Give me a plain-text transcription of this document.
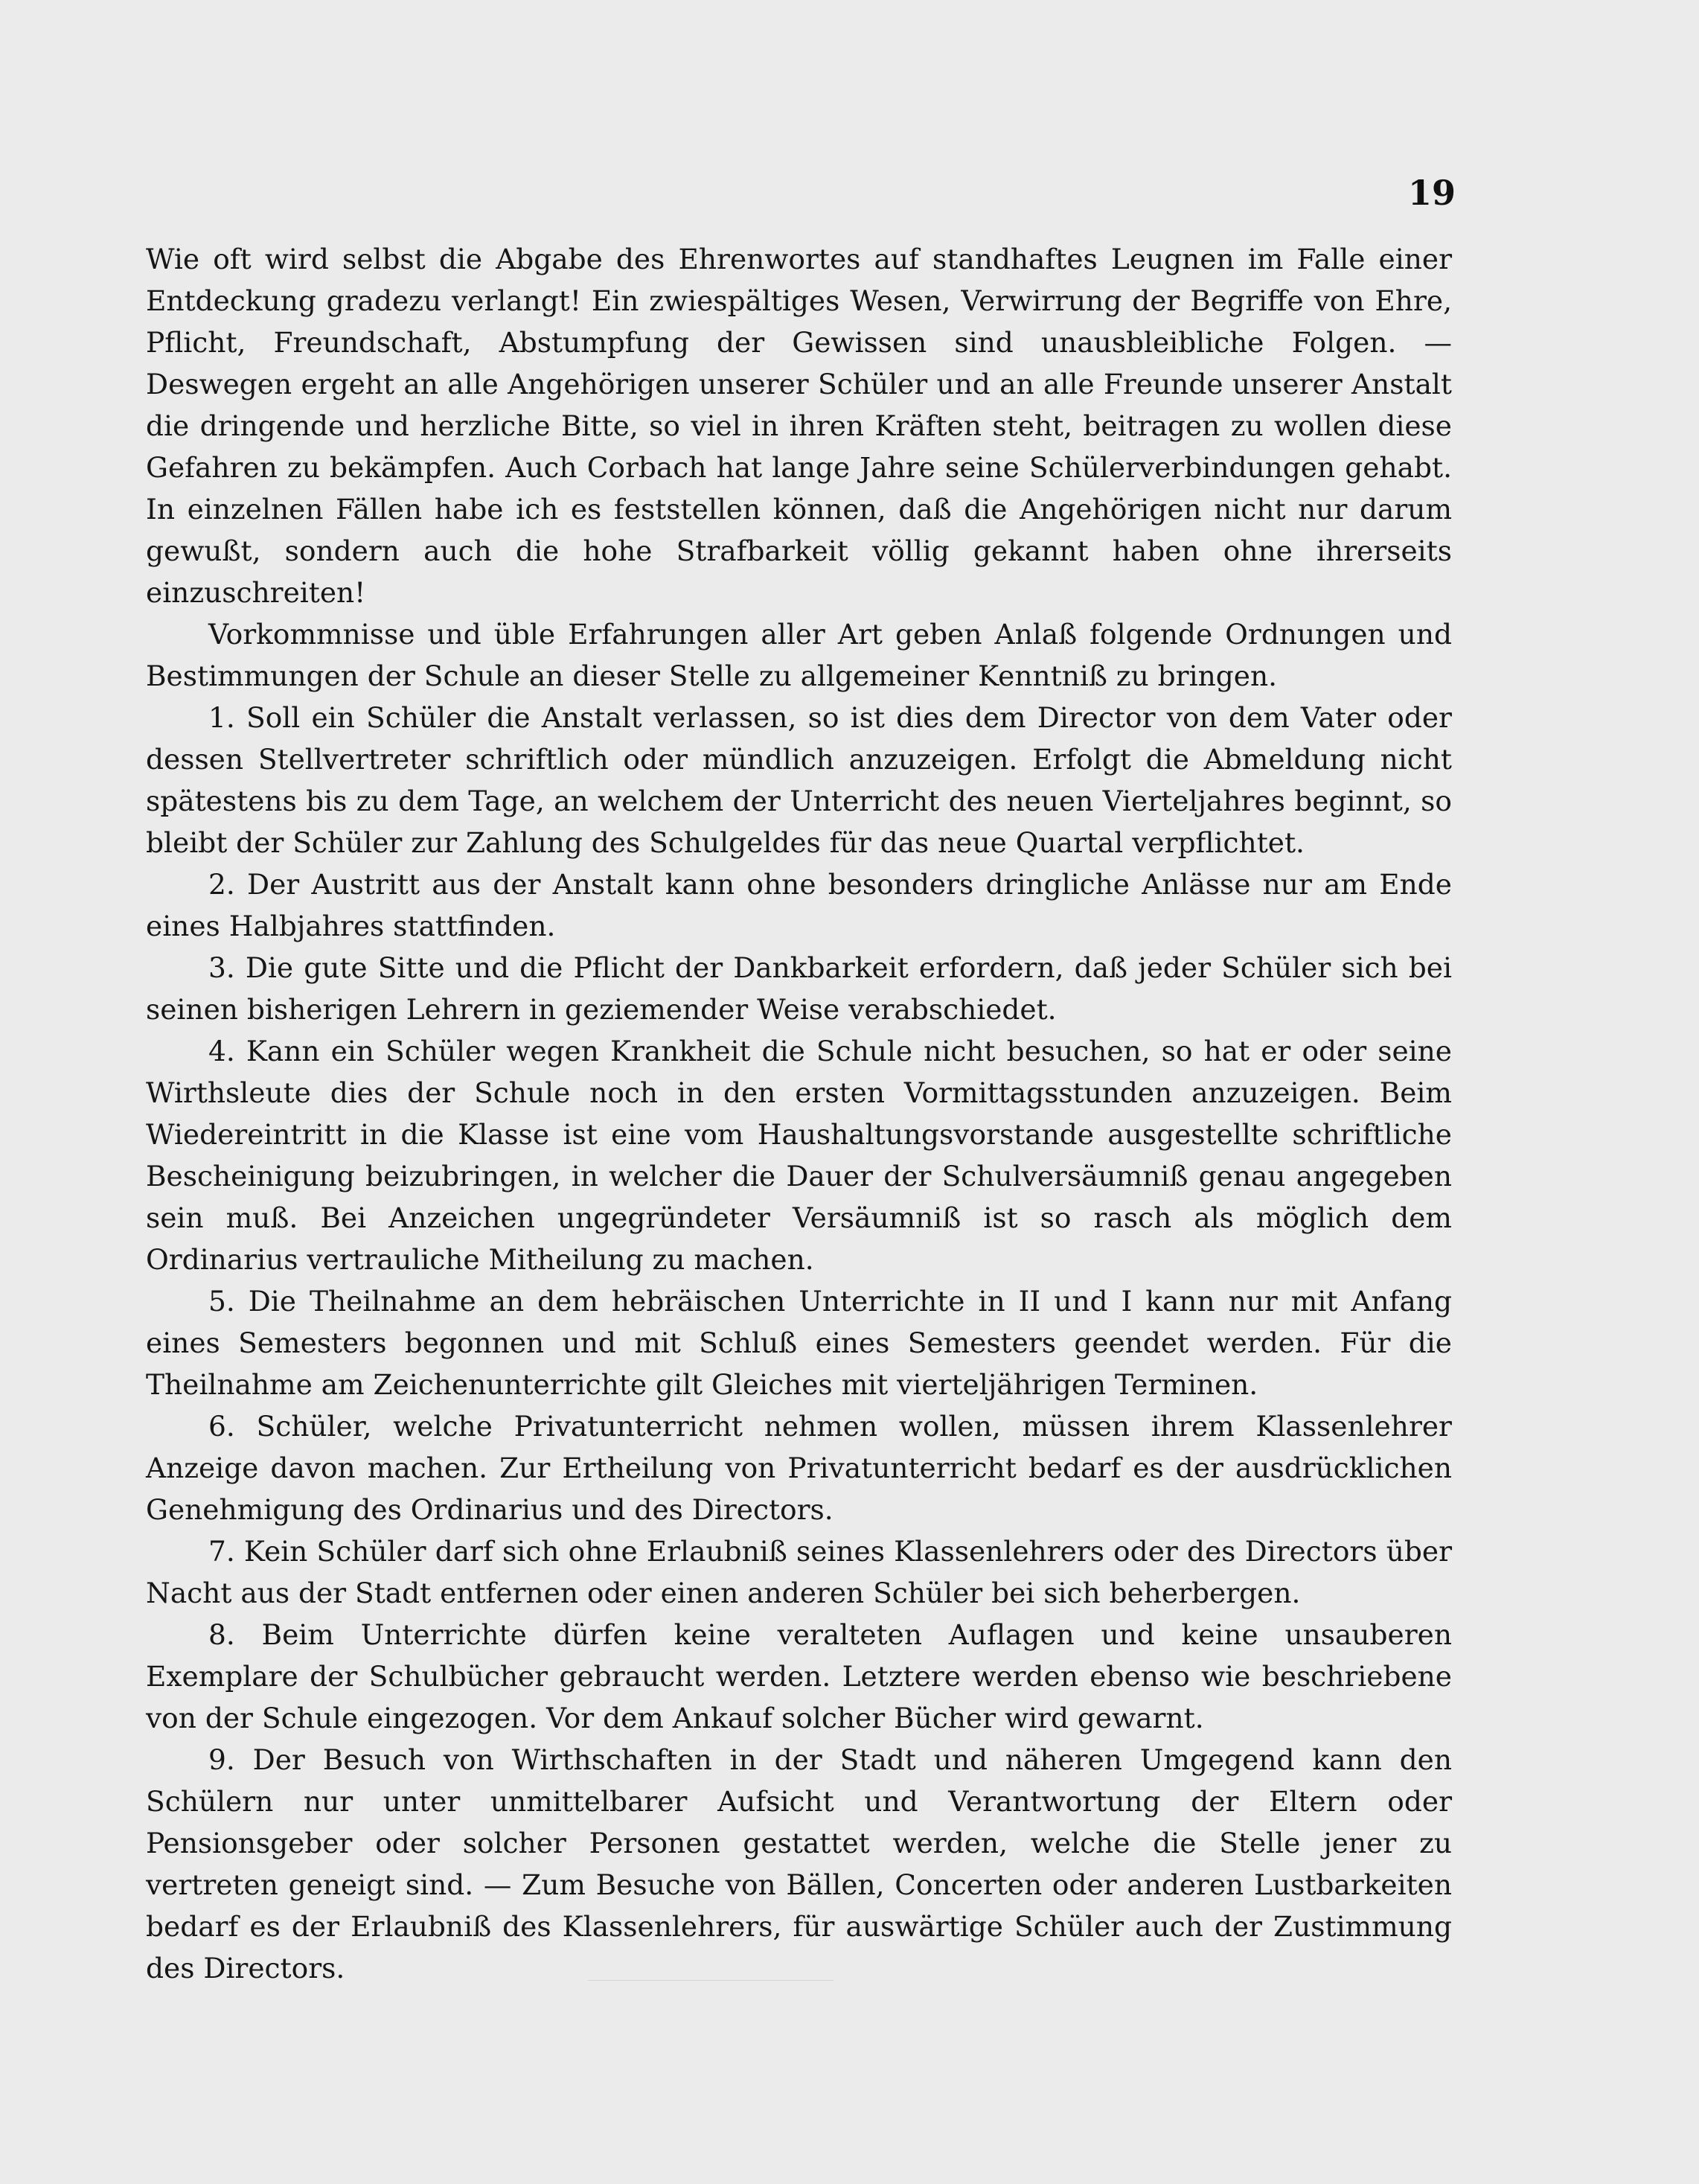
19

Wie oft wird selbst die Abgabe des Ehrenwortes auf standhaftes Leugnen im Falle einer Entdeckung gradezu verlangt! Ein zwiespältiges Wesen, Verwirrung der Begriffe von Ehre, Pflicht, Freundschaft, Abstumpfung der Gewissen sind unausbleibliche Folgen. — Deswegen ergeht an alle Angehörigen unserer Schüler und an alle Freunde unserer Anstalt die dringende und herzliche Bitte, so viel in ihren Kräften steht, beitragen zu wollen diese Gefahren zu bekämpfen. Auch Corbach hat lange Jahre seine Schülerverbindungen gehabt. In einzelnen Fällen habe ich es feststellen können, daß die Angehörigen nicht nur darum gewußt, sondern auch die hohe Strafbarkeit völlig gekannt haben ohne ihrerseits einzuschreiten!

Vorkommnisse und üble Erfahrungen aller Art geben Anlaß folgende Ordnungen und Bestimmungen der Schule an dieser Stelle zu allgemeiner Kenntniß zu bringen.

1. Soll ein Schüler die Anstalt verlassen, so ist dies dem Director von dem Vater oder dessen Stellvertreter schriftlich oder mündlich anzuzeigen. Erfolgt die Abmeldung nicht spätestens bis zu dem Tage, an welchem der Unterricht des neuen Vierteljahres beginnt, so bleibt der Schüler zur Zahlung des Schulgeldes für das neue Quartal verpflichtet.

2. Der Austritt aus der Anstalt kann ohne besonders dringliche Anlässe nur am Ende eines Halbjahres stattfinden.

3. Die gute Sitte und die Pflicht der Dankbarkeit erfordern, daß jeder Schüler sich bei seinen bisherigen Lehrern in geziemender Weise verabschiedet.

4. Kann ein Schüler wegen Krankheit die Schule nicht besuchen, so hat er oder seine Wirthsleute dies der Schule noch in den ersten Vormittagsstunden anzuzeigen. Beim Wiedereintritt in die Klasse ist eine vom Haushaltungsvorstande ausgestellte schriftliche Bescheinigung beizubringen, in welcher die Dauer der Schulversäumniß genau angegeben sein muß. Bei Anzeichen ungegründeter Versäumniß ist so rasch als möglich dem Ordinarius vertrauliche Mitheilung zu machen.

5. Die Theilnahme an dem hebräischen Unterrichte in II und I kann nur mit Anfang eines Semesters begonnen und mit Schluß eines Semesters geendet werden. Für die Theilnahme am Zeichenunterrichte gilt Gleiches mit vierteljährigen Terminen.

6. Schüler, welche Privatunterricht nehmen wollen, müssen ihrem Klassenlehrer Anzeige davon machen. Zur Ertheilung von Privatunterricht bedarf es der ausdrücklichen Genehmigung des Ordinarius und des Directors.

7. Kein Schüler darf sich ohne Erlaubniß seines Klassenlehrers oder des Directors über Nacht aus der Stadt entfernen oder einen anderen Schüler bei sich beherbergen.

8. Beim Unterrichte dürfen keine veralteten Auflagen und keine unsauberen Exemplare der Schulbücher gebraucht werden. Letztere werden ebenso wie beschriebene von der Schule eingezogen. Vor dem Ankauf solcher Bücher wird gewarnt.

9. Der Besuch von Wirthschaften in der Stadt und näheren Umgegend kann den Schülern nur unter unmittelbarer Aufsicht und Verantwortung der Eltern oder Pensionsgeber oder solcher Personen gestattet werden, welche die Stelle jener zu vertreten geneigt sind. — Zum Besuche von Bällen, Concerten oder anderen Lustbarkeiten bedarf es der Erlaubniß des Klassenlehrers, für auswärtige Schüler auch der Zustimmung des Directors.
